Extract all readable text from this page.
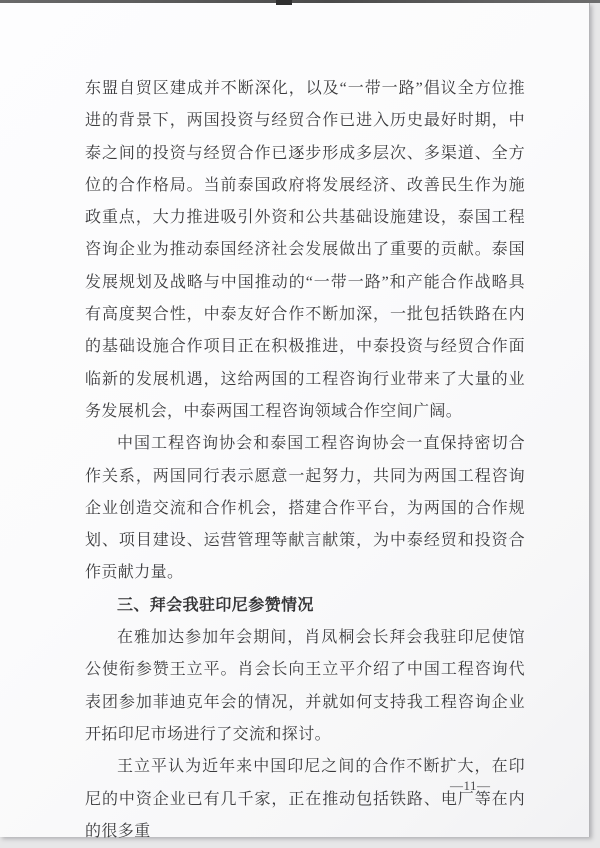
东盟自贸区建成并不断深化，以及“一带一路”倡议全方位推进的背景下，两国投资与经贸合作已进入历史最好时期，中泰之间的投资与经贸合作已逐步形成多层次、多渠道、全方位的合作格局。当前泰国政府将发展经济、改善民生作为施政重点，大力推进吸引外资和公共基础设施建设，泰国工程咨询企业为推动泰国经济社会发展做出了重要的贡献。泰国发展规划及战略与中国推动的“一带一路”和产能合作战略具有高度契合性，中泰友好合作不断加深，一批包括铁路在内的基础设施合作项目正在积极推进，中泰投资与经贸合作面临新的发展机遇，这给两国的工程咨询行业带来了大量的业务发展机会，中泰两国工程咨询领域合作空间广阔。

中国工程咨询协会和泰国工程咨询协会一直保持密切合作关系，两国同行表示愿意一起努力，共同为两国工程咨询企业创造交流和合作机会，搭建合作平台，为两国的合作规划、项目建设、运营管理等献言献策，为中泰经贸和投资合作贡献力量。

三、拜会我驻印尼参赞情况

在雅加达参加年会期间，肖凤桐会长拜会我驻印尼使馆公使衔参赞王立平。肖会长向王立平介绍了中国工程咨询代表团参加菲迪克年会的情况，并就如何支持我工程咨询企业开拓印尼市场进行了交流和探讨。

王立平认为近年来中国印尼之间的合作不断扩大，在印尼的中资企业已有几千家，正在推动包括铁路、电厂等在内的很多重

—11—
